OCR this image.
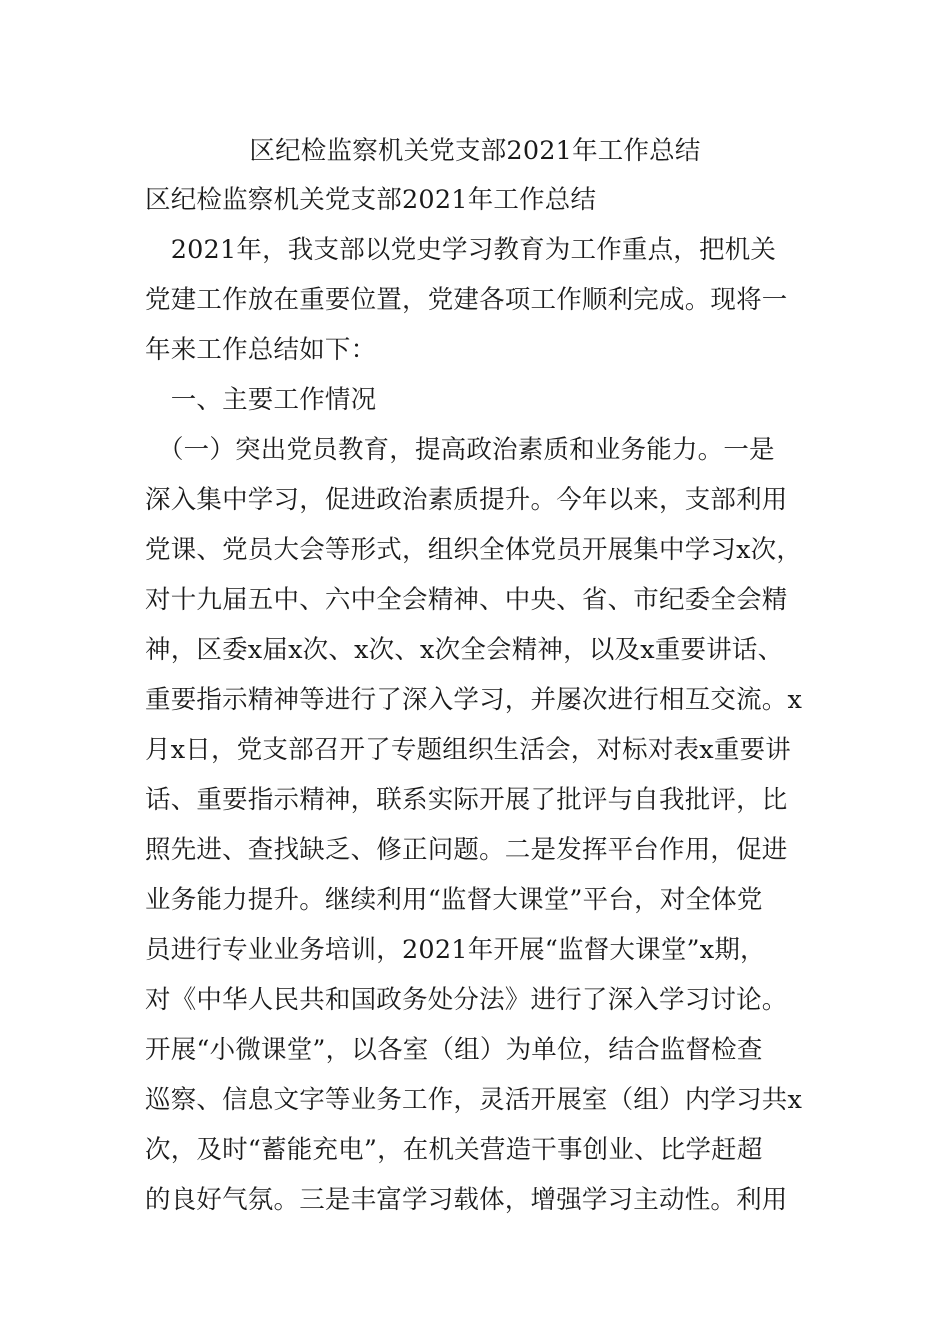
区纪检监察机关党支部2021年工作总结
区纪检监察机关党支部2021年工作总结
　2021年，我支部以党史学习教育为工作重点，把机关
党建工作放在重要位置，党建各项工作顺利完成。现将一
年来工作总结如下：
　一、主要工作情况
　（一）突出党员教育，提高政治素质和业务能力。一是
深入集中学习，促进政治素质提升。今年以来，支部利用
党课、党员大会等形式，组织全体党员开展集中学习x次，
对十九届五中、六中全会精神、中央、省、市纪委全会精
神，区委x届x次、x次、x次全会精神，以及x重要讲话、
重要指示精神等进行了深入学习，并屡次进行相互交流。x
月x日，党支部召开了专题组织生活会，对标对表x重要讲
话、重要指示精神，联系实际开展了批评与自我批评，比
照先进、查找缺乏、修正问题。二是发挥平台作用，促进
业务能力提升。继续利用“监督大课堂”平台，对全体党
员进行专业业务培训，2021年开展“监督大课堂”x期，
对《中华人民共和国政务处分法》进行了深入学习讨论。
开展“小微课堂”，以各室（组）为单位，结合监督检查
巡察、信息文字等业务工作，灵活开展室（组）内学习共x
次，及时“蓄能充电”，在机关营造干事创业、比学赶超
的良好气氛。三是丰富学习载体，增强学习主动性。利用
